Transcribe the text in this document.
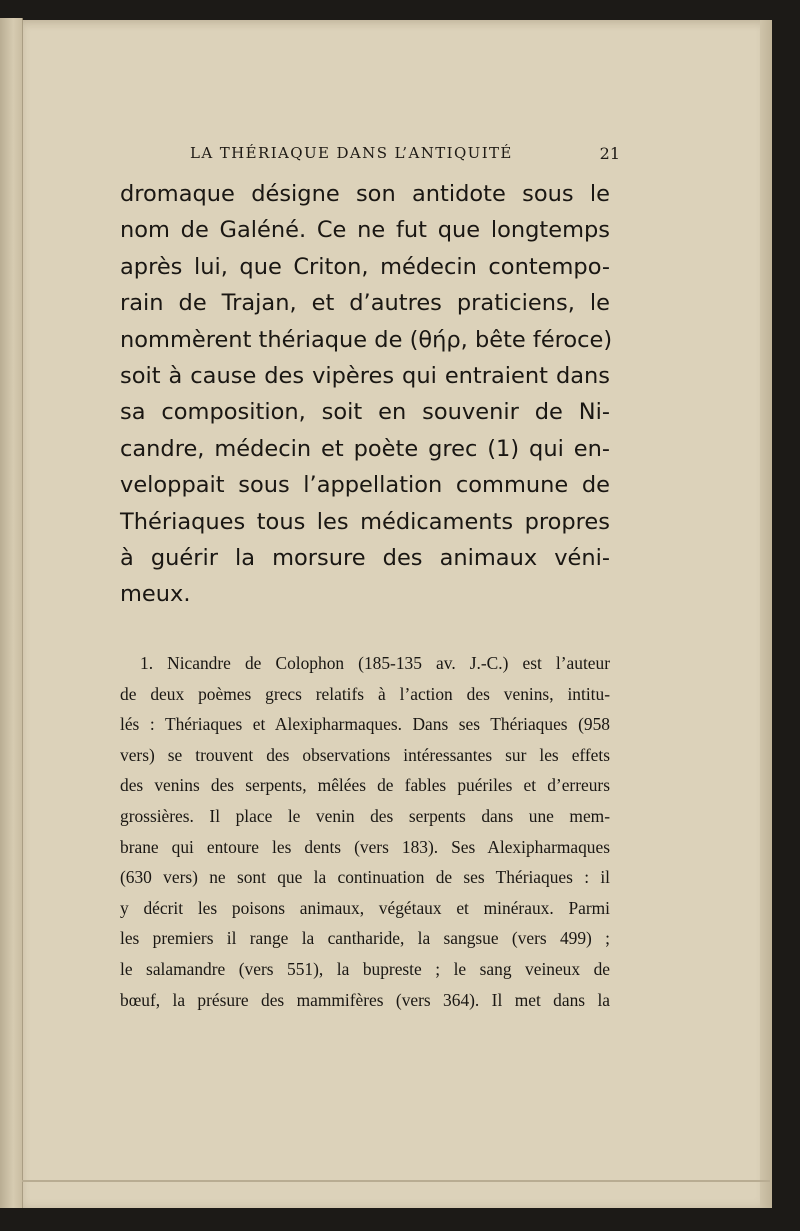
LA THÉRIAQUE DANS L’ANTIQUITÉ	21
dromaque désigne son antidote sous le
nom de Galéné. Ce ne fut que longtemps
après lui, que Criton, médecin contempo-
rain de Trajan, et d’autres praticiens, le
nommèrent thériaque de (θήρ, bête féroce)
soit à cause des vipères qui entraient dans
sa composition, soit en souvenir de Ni-
candre, médecin et poète grec (1) qui en-
veloppait sous l’appellation commune de
Thériaques tous les médicaments propres
à guérir la morsure des animaux véni-
meux.
1. Nicandre de Colophon (185-135 av. J.-C.) est l’auteur
de deux poèmes grecs relatifs à l’action des venins, intitu-
lés : Thériaques et Alexipharmaques. Dans ses Thériaques (958
vers) se trouvent des observations intéressantes sur les effets
des venins des serpents, mêlées de fables puériles et d’erreurs
grossières. Il place le venin des serpents dans une mem-
brane qui entoure les dents (vers 183). Ses Alexipharmaques
(630 vers) ne sont que la continuation de ses Thériaques : il
y décrit les poisons animaux, végétaux et minéraux. Parmi
les premiers il range la cantharide, la sangsue (vers 499) ;
le salamandre (vers 551), la bupreste ; le sang veineux de
bœuf, la présure des mammifères (vers 364). Il met dans la
